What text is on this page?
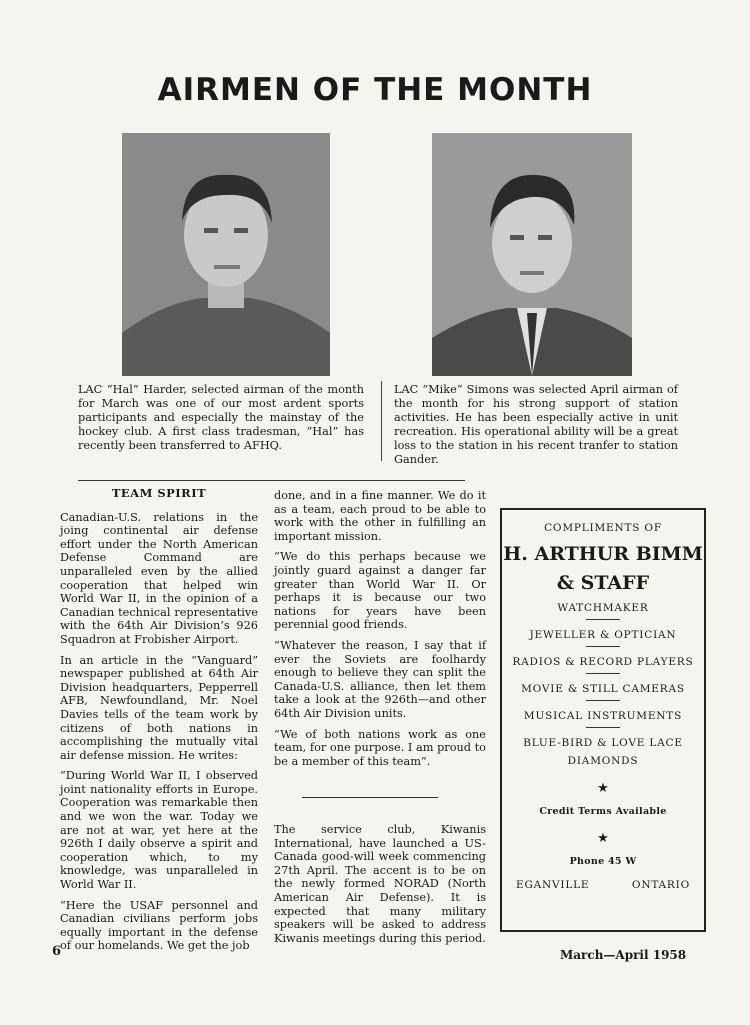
AIRMEN OF THE MONTH

LAC “Hal” Harder, selected airman of the month for March was one of our most ardent sports participants and especially the mainstay of the hockey club. A first class tradesman, “Hal” has recently been transferred to AFHQ.

LAC “Mike” Simons was selected April airman of the month for his strong support of station activities. He has been especially active in unit recreation. His operational ability will be a great loss to the station in his recent tranfer to station Gander.

TEAM SPIRIT

Canadian-U.S. relations in the joing continental air defense effort under the North American Defense Command are unparalleled even by the allied cooperation that helped win World War II, in the opinion of a Canadian technical representative with the 64th Air Division’s 926 Squadron at Frobisher Airport.

In an article in the “Vanguard” newspaper published at 64th Air Division headquarters, Pepperrell AFB, Newfoundland, Mr. Noel Davies tells of the team work by citizens of both nations in accomplishing the mutually vital air defense mission. He writes:

“During World War II, I observed joint nationality efforts in Europe. Cooperation was remarkable then and we won the war. Today we are not at war, yet here at the 926th I daily observe a spirit and cooperation which, to my knowledge, was unparalleled in World War II.

“Here the USAF personnel and Canadian civilians perform jobs equally important in the defense of our homelands. We get the job

done, and in a fine manner. We do it as a team, each proud to be able to work with the other in fulfilling an important mission.

“We do this perhaps because we jointly guard against a danger far greater than World War II. Or perhaps it is because our two nations for years have been perennial good friends.

“Whatever the reason, I say that if ever the Soviets are foolhardy enough to believe they can split the Canada-U.S. alliance, then let them take a look at the 926th—and other 64th Air Division units.

“We of both nations work as one team, for one purpose. I am proud to be a member of this team”.

The service club, Kiwanis International, have launched a US-Canada good-will week commencing 27th April. The accent is to be on the newly formed NORAD (North American Air Defense). It is expected that many military speakers will be asked to address Kiwanis meetings during this period.

COMPLIMENTS OF
H. ARTHUR BIMM
& STAFF
WATCHMAKER
JEWELLER & OPTICIAN
RADIOS & RECORD PLAYERS
MOVIE & STILL CAMERAS
MUSICAL INSTRUMENTS
BLUE-BIRD & LOVE LACE
DIAMONDS
★
Credit Terms Available
★
Phone 45 W
EGANVILLE	ONTARIO
6	March—April 1958
